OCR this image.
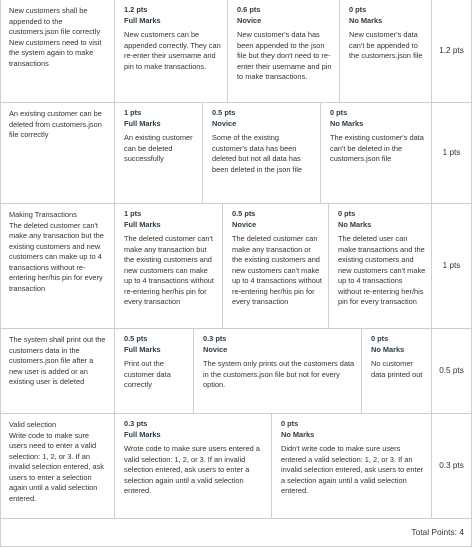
New customers shall be appended to the customers.json file correctly New customers need to visit the system again to make transactions
1.2 pts
Full Marks
New customers can be appended correctly. They can re-enter their username and pin to make transactions.
0.6 pts
Novice
New customer's data has been appended to the json file but they don't need to re-enter their username and pin to make transactions.
0 pts
No Marks
New customer's data can't be appended to the customers.json file
1.2 pts
An existing customer can be deleted from customers.json file correctly
1 pts
Full Marks
An existing customer can be deleted successfully
0.5 pts
Novice
Some of the existing customer's data has been deleted but not all data has been deleted in the json file
0 pts
No Marks
The existing customer's data can't be deleted in the customers.json file
1 pts
Making Transactions
The deleted customer can't make any transaction but the existing customers and new customers can make up to 4 transactions without re-entering her/his pin for every transaction
1 pts
Full Marks
The deleted customer can't make any transaction but the existing customers and new customers can make up to 4 transactions without re-entering her/his pin for every transaction
0.5 pts
Novice
The deleted customer can make any transaction or the existing customers and new customers can't make up to 4 transactions without re-entering her/his pin for every transaction
0 pts
No Marks
The deleted user can make transactions and the existing customers and new customers can't make up to 4 transactions without re-entering her/his pin for every transaction
1 pts
The system shall print out the customers data in the customers.json file after a new user is added or an existing user is deleted
0.5 pts
Full Marks
Print out the customer data correctly
0.3 pts
Novice
The system only prints out the customers data in the customers.json file but not for every option.
0 pts
No Marks
No customer data printed out	0.5 pts
Valid selection
Write code to make sure users need to enter a valid selection: 1, 2, or 3. If an invalid selection entered, ask users to enter a selection again until a valid selection entered.
0.3 pts
Full Marks
Wrote code to make sure users entered a valid selection: 1, 2, or 3. If an invalid selection entered, ask users to enter a selection again until a valid selection entered.
0 pts
No Marks
Didn't write code to make sure users entered a valid selection: 1, 2, or 3. If an invalid selection entered, ask users to enter a selection again until a valid selection entered.
0.3 pts
Total Points: 4
